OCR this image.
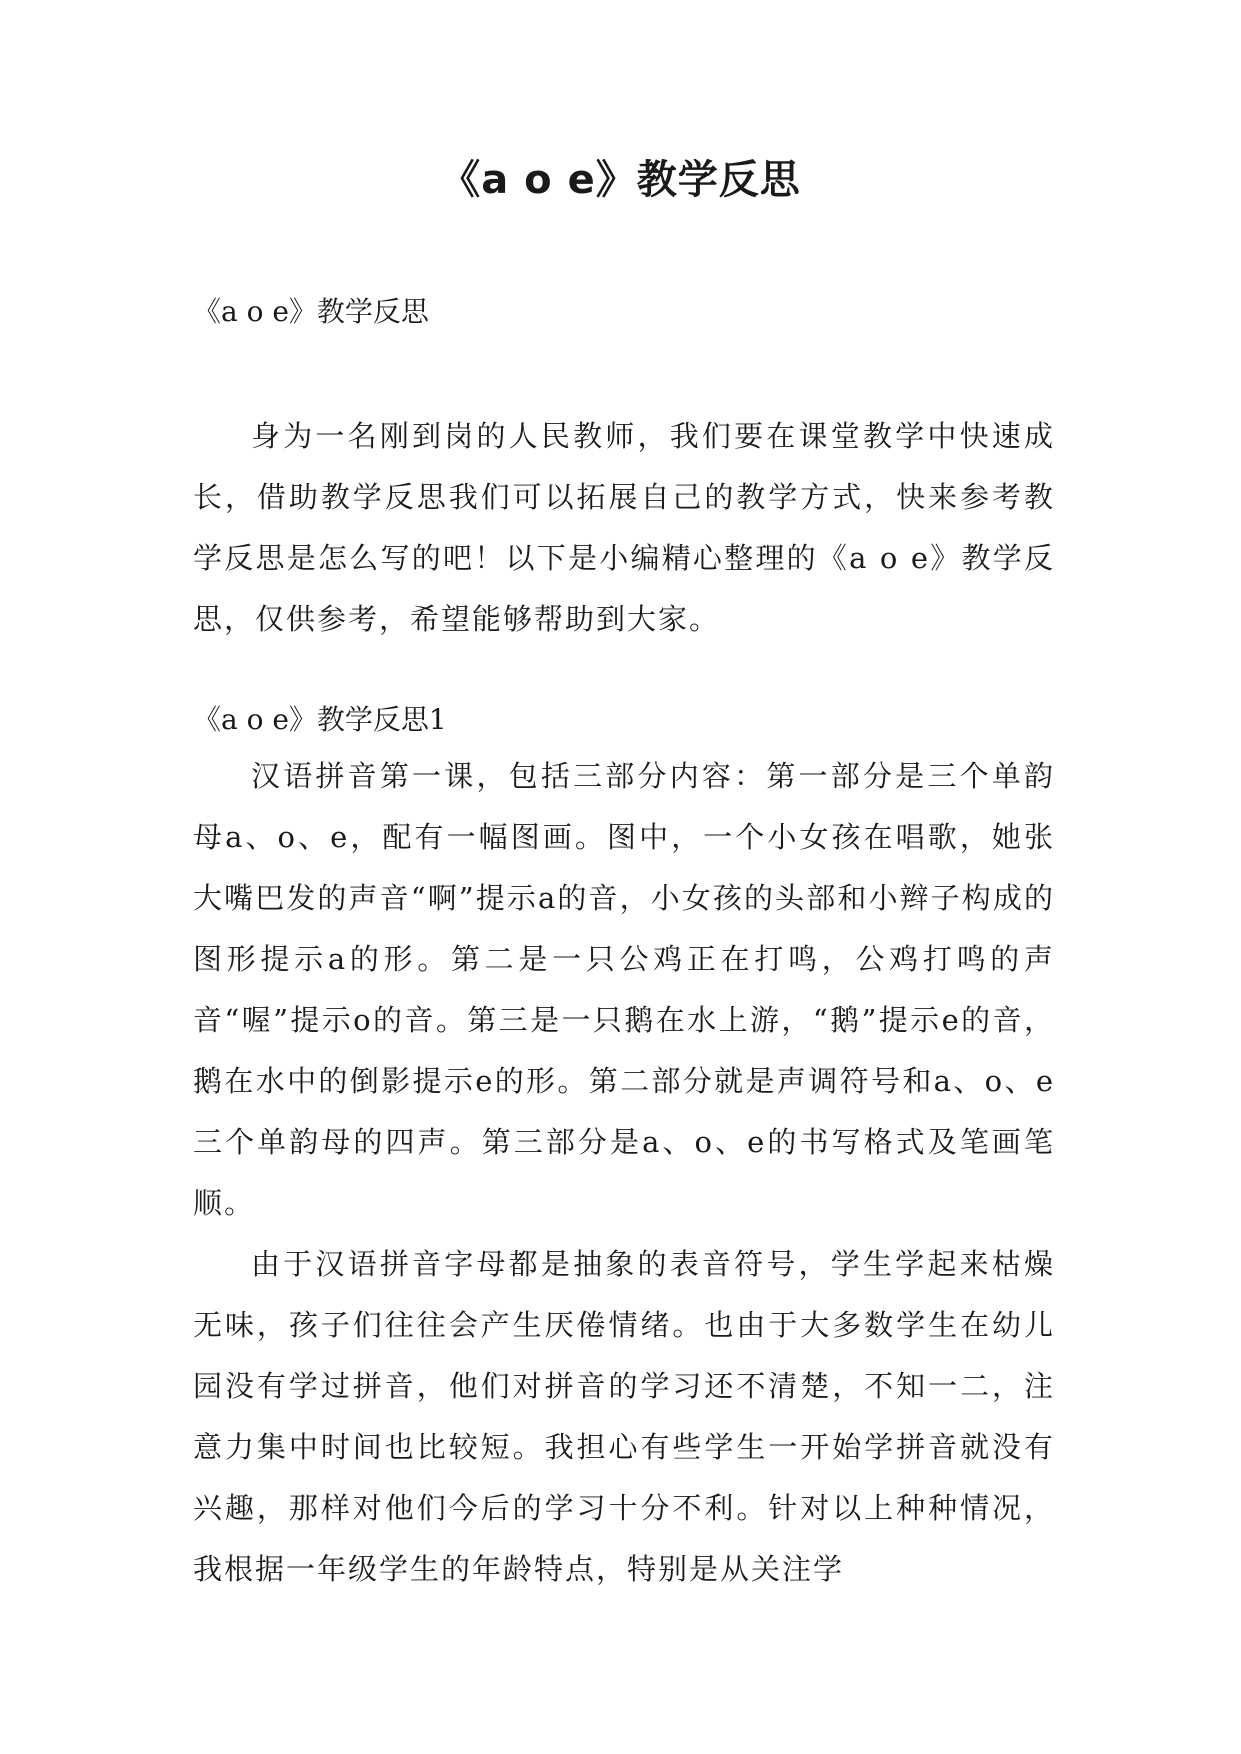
《a o e》教学反思

《a o e》教学反思

身为一名刚到岗的人民教师，我们要在课堂教学中快速成长，借助教学反思我们可以拓展自己的教学方式，快来参考教学反思是怎么写的吧！以下是小编精心整理的《a o e》教学反思，仅供参考，希望能够帮助到大家。

《a o e》教学反思1

汉语拼音第一课，包括三部分内容：第一部分是三个单韵母a、o、e，配有一幅图画。图中，一个小女孩在唱歌，她张大嘴巴发的声音“啊”提示a的音，小女孩的头部和小辫子构成的图形提示a的形。第二是一只公鸡正在打鸣，公鸡打鸣的声音“喔”提示o的音。第三是一只鹅在水上游，“鹅”提示e的音，鹅在水中的倒影提示e的形。第二部分就是声调符号和a、o、e三个单韵母的四声。第三部分是a、o、e的书写格式及笔画笔顺。

由于汉语拼音字母都是抽象的表音符号，学生学起来枯燥无味，孩子们往往会产生厌倦情绪。也由于大多数学生在幼儿园没有学过拼音，他们对拼音的学习还不清楚，不知一二，注意力集中时间也比较短。我担心有些学生一开始学拼音就没有兴趣，那样对他们今后的学习十分不利。针对以上种种情况，我根据一年级学生的年龄特点，特别是从关注学
